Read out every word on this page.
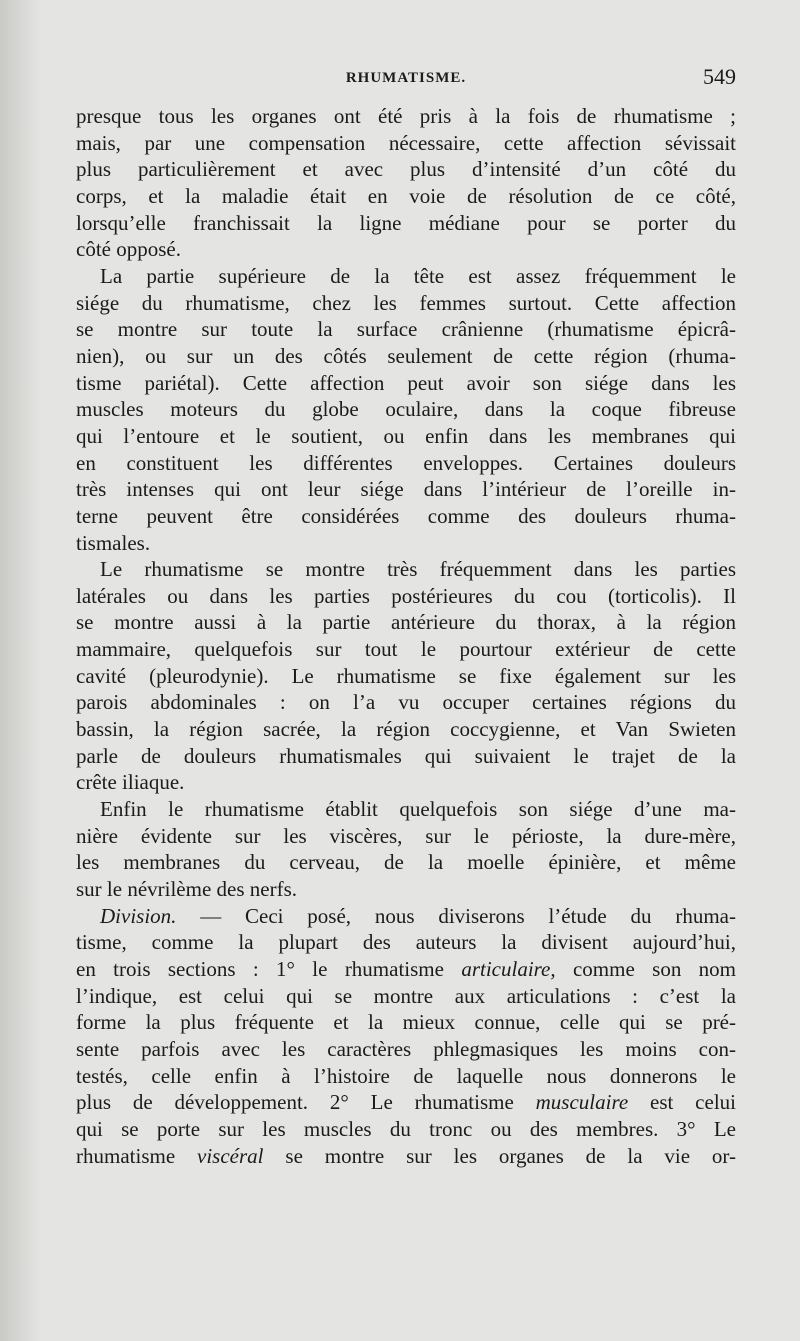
RHUMATISME.	549

presque tous les organes ont été pris à la fois de rhumatisme ;
mais, par une compensation nécessaire, cette affection sévissait
plus particulièrement et avec plus d’intensité d’un côté du
corps, et la maladie était en voie de résolution de ce côté,
lorsqu’elle franchissait la ligne médiane pour se porter du
côté opposé.

La partie supérieure de la tête est assez fréquemment le
siége du rhumatisme, chez les femmes surtout. Cette affection
se montre sur toute la surface crânienne (rhumatisme épicrâ-
nien), ou sur un des côtés seulement de cette région (rhuma-
tisme pariétal). Cette affection peut avoir son siége dans les
muscles moteurs du globe oculaire, dans la coque fibreuse
qui l’entoure et le soutient, ou enfin dans les membranes qui
en constituent les différentes enveloppes. Certaines douleurs
très intenses qui ont leur siége dans l’intérieur de l’oreille in-
terne peuvent être considérées comme des douleurs rhuma-
tismales.

Le rhumatisme se montre très fréquemment dans les parties
latérales ou dans les parties postérieures du cou (torticolis). Il
se montre aussi à la partie antérieure du thorax, à la région
mammaire, quelquefois sur tout le pourtour extérieur de cette
cavité (pleurodynie). Le rhumatisme se fixe également sur les
parois abdominales : on l’a vu occuper certaines régions du
bassin, la région sacrée, la région coccygienne, et Van Swieten
parle de douleurs rhumatismales qui suivaient le trajet de la
crête iliaque.

Enfin le rhumatisme établit quelquefois son siége d’une ma-
nière évidente sur les viscères, sur le périoste, la dure-mère,
les membranes du cerveau, de la moelle épinière, et même
sur le névrilème des nerfs.

Division. — Ceci posé, nous diviserons l’étude du rhuma-
tisme, comme la plupart des auteurs la divisent aujourd’hui,
en trois sections : 1° le rhumatisme articulaire, comme son nom
l’indique, est celui qui se montre aux articulations : c’est la
forme la plus fréquente et la mieux connue, celle qui se pré-
sente parfois avec les caractères phlegmasiques les moins con-
testés, celle enfin à l’histoire de laquelle nous donnerons le
plus de développement. 2° Le rhumatisme musculaire est celui
qui se porte sur les muscles du tronc ou des membres. 3° Le
rhumatisme viscéral se montre sur les organes de la vie or-
